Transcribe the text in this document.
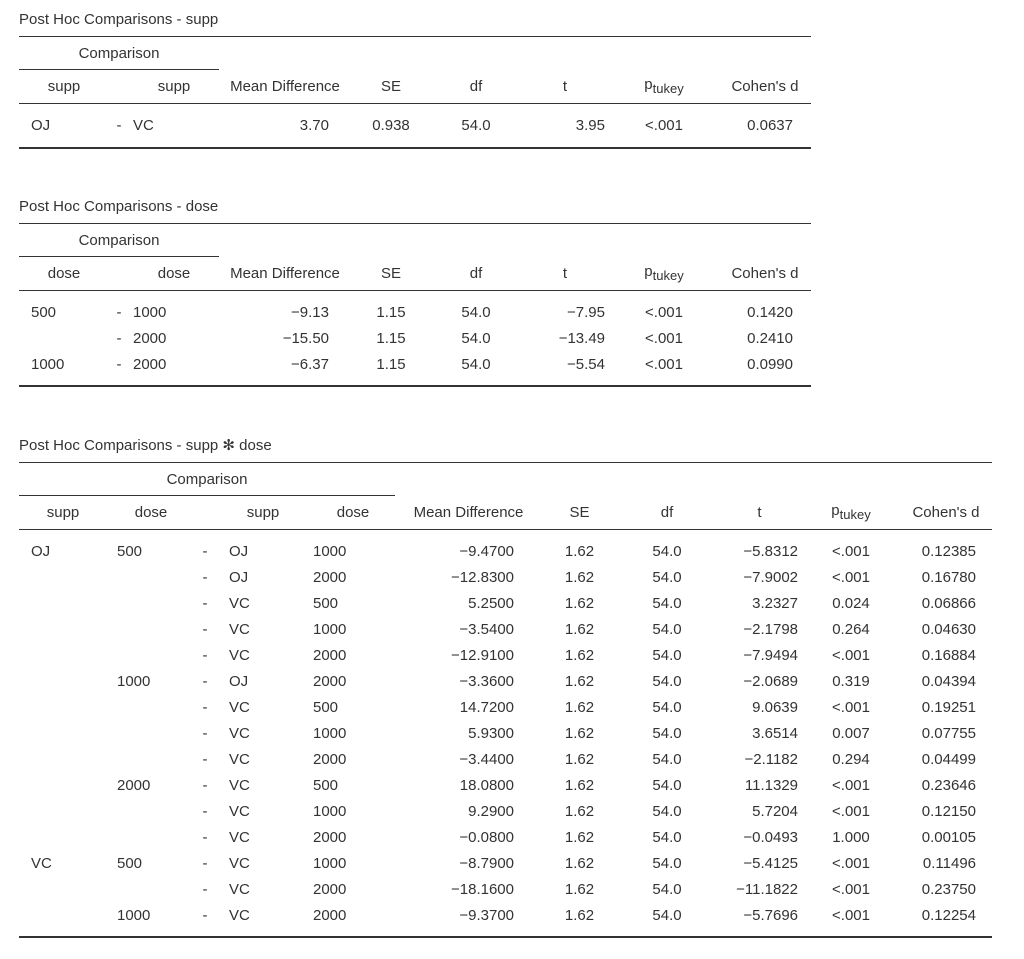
Post Hoc Comparisons - supp
Comparison								
supp		supp	Mean Difference	SE	df	t	$p_{tukey}$	Cohen's d
OJ	-	VC	3.70	0.938	54.0	3.95	<.001	0.0637
Post Hoc Comparisons - dose
Comparison								
dose		dose	Mean Difference	SE	df	t	$p_{tukey}$	Cohen's d
500	-	1000	−9.13	1.15	54.0	−7.95	<.001	0.1420
	-	2000	−15.50	1.15	54.0	−13.49	<.001	0.2410
1000	-	2000	−6.37	1.15	54.0	−5.54	<.001	0.0990
Post Hoc Comparisons - supp ✻ dose
Comparison										
supp	dose		supp	dose	Mean Difference	SE	df	t	$p_{tukey}$	Cohen's d
OJ	500	-	OJ	1000	−9.4700	1.62	54.0	−5.8312	<.001	0.12385
		-	OJ	2000	−12.8300	1.62	54.0	−7.9002	<.001	0.16780
		-	VC	500	5.2500	1.62	54.0	3.2327	0.024	0.06866
		-	VC	1000	−3.5400	1.62	54.0	−2.1798	0.264	0.04630
		-	VC	2000	−12.9100	1.62	54.0	−7.9494	<.001	0.16884
	1000	-	OJ	2000	−3.3600	1.62	54.0	−2.0689	0.319	0.04394
		-	VC	500	14.7200	1.62	54.0	9.0639	<.001	0.19251
		-	VC	1000	5.9300	1.62	54.0	3.6514	0.007	0.07755
		-	VC	2000	−3.4400	1.62	54.0	−2.1182	0.294	0.04499
	2000	-	VC	500	18.0800	1.62	54.0	11.1329	<.001	0.23646
		-	VC	1000	9.2900	1.62	54.0	5.7204	<.001	0.12150
		-	VC	2000	−0.0800	1.62	54.0	−0.0493	1.000	0.00105
VC	500	-	VC	1000	−8.7900	1.62	54.0	−5.4125	<.001	0.11496
		-	VC	2000	−18.1600	1.62	54.0	−11.1822	<.001	0.23750
	1000	-	VC	2000	−9.3700	1.62	54.0	−5.7696	<.001	0.12254
